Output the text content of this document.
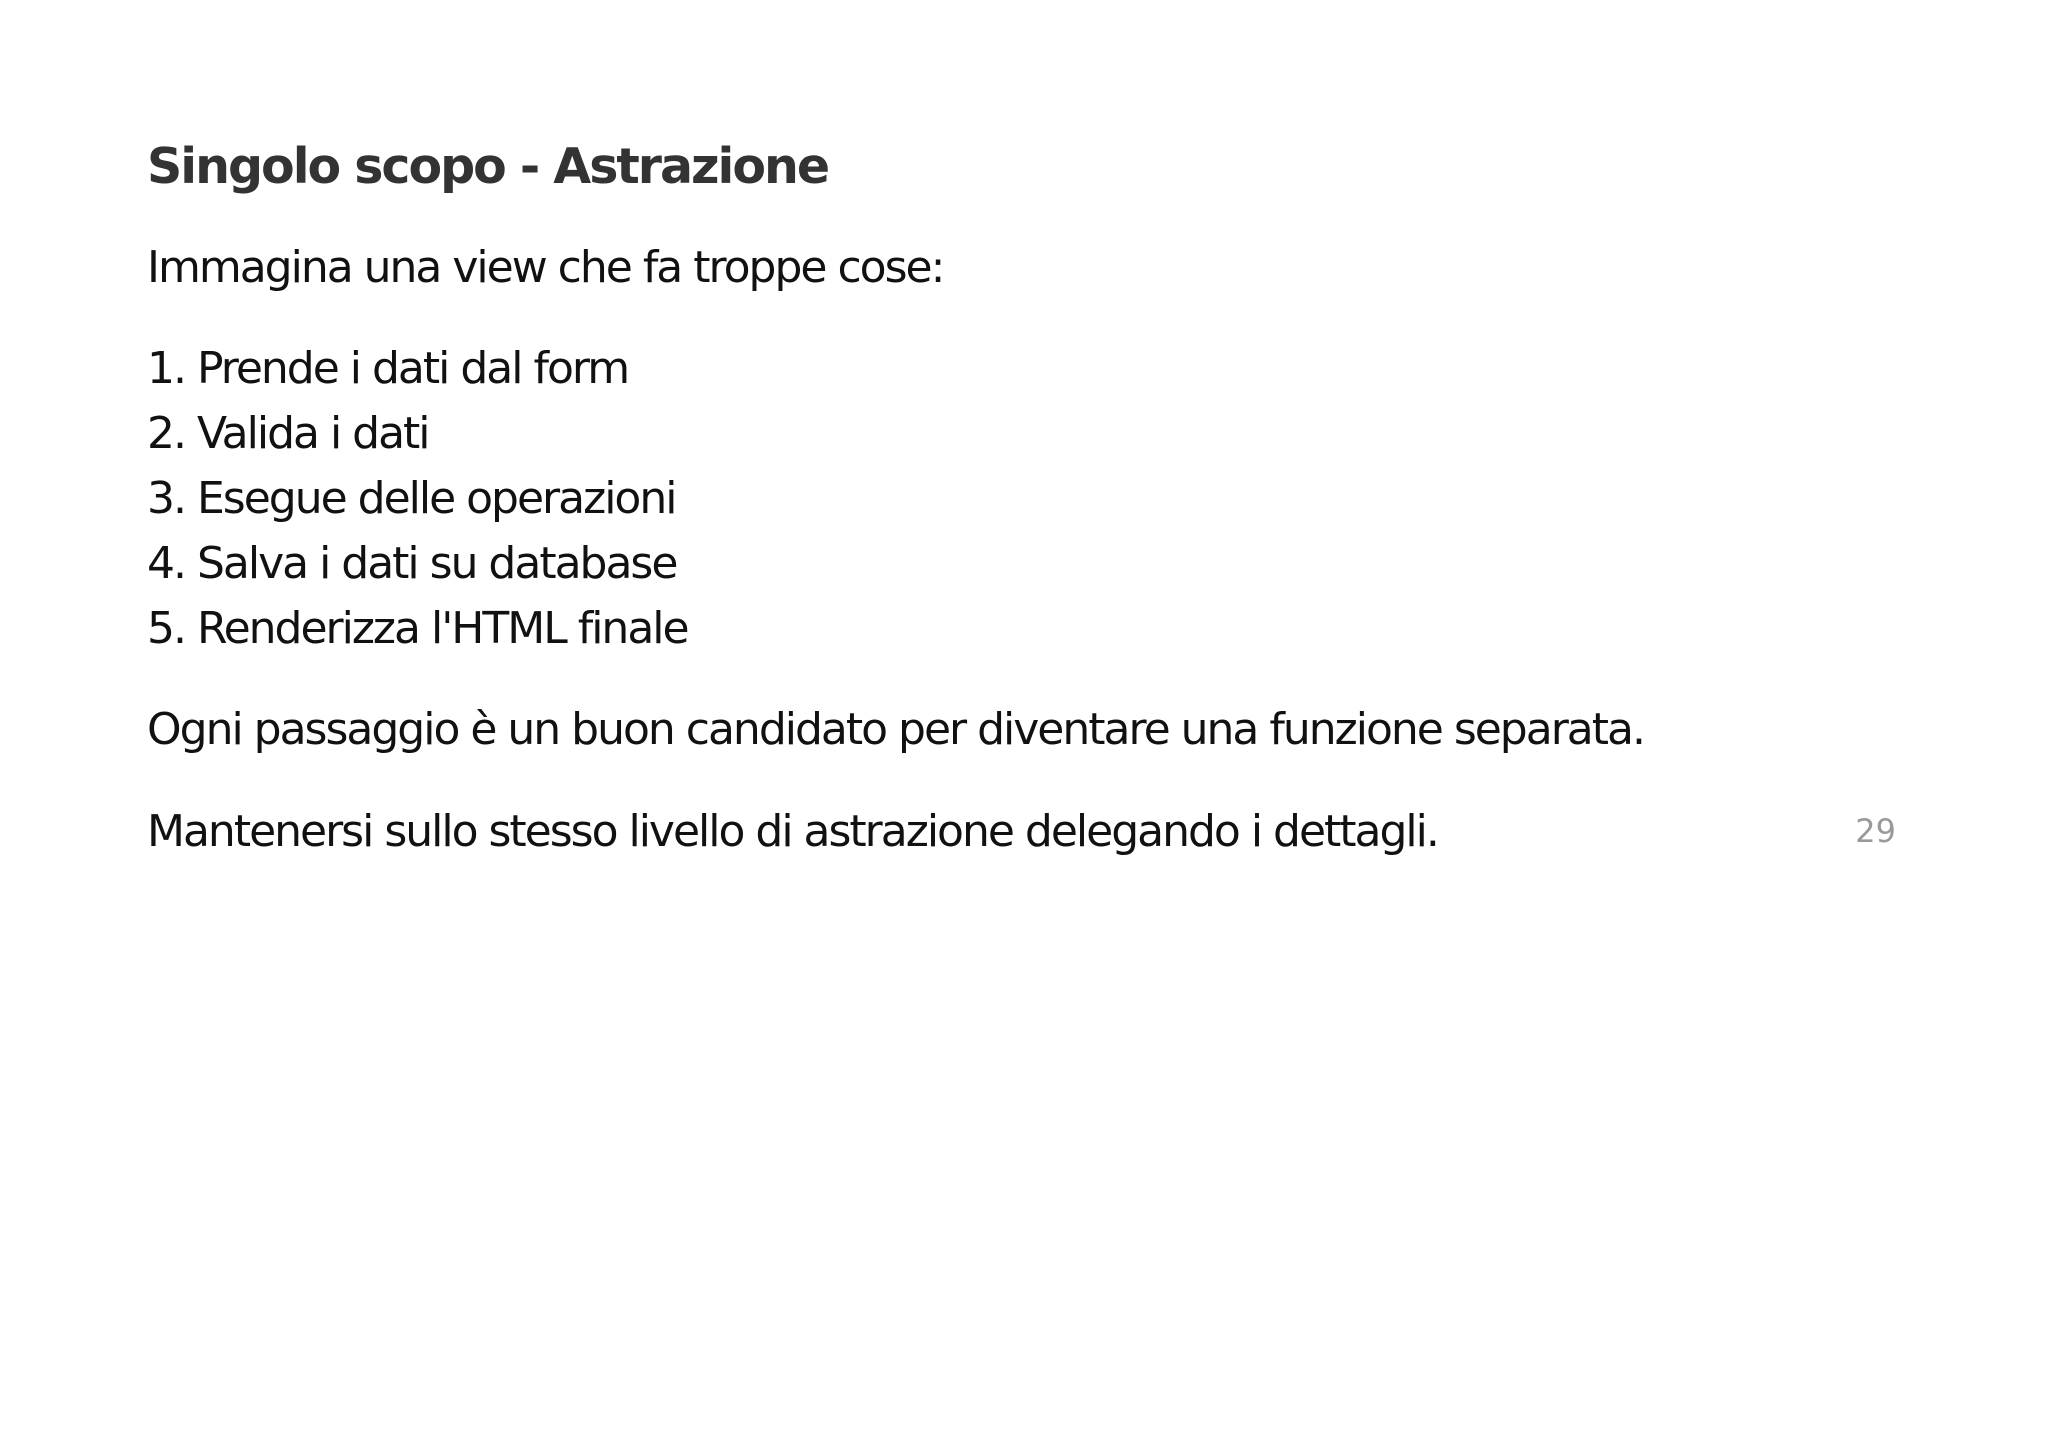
Singolo scopo - Astrazione

Immagina una view che fa troppe cose:

1. Prende i dati dal form
2. Valida i dati
3. Esegue delle operazioni
4. Salva i dati su database
5. Renderizza l'HTML finale

Ogni passaggio è un buon candidato per diventare una funzione separata.

Mantenersi sullo stesso livello di astrazione delegando i dettagli.	29
